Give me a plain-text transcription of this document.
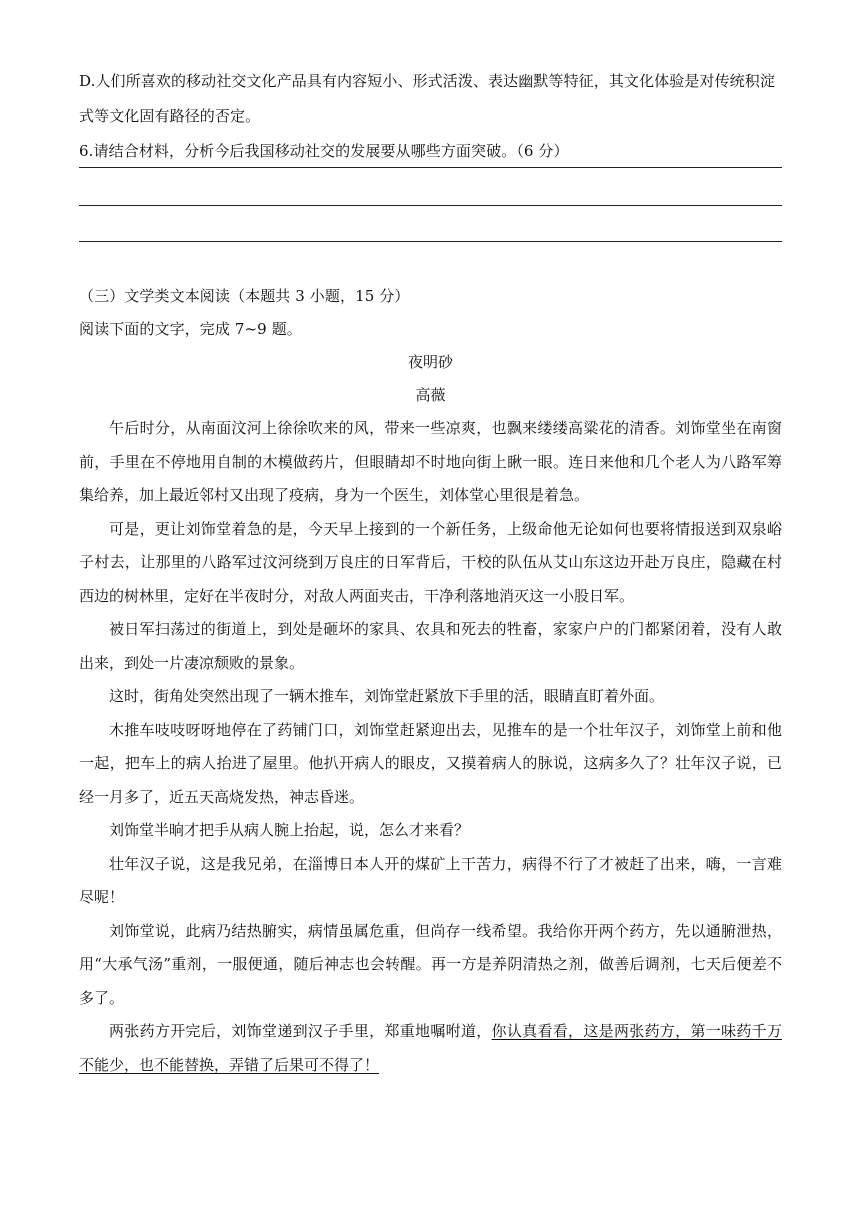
D.人们所喜欢的移动社交文化产品具有内容短小、形式活泼、表达幽默等特征，其文化体验是对传统积淀
式等文化固有路径的否定。
6.请结合材料，分析今后我国移动社交的发展要从哪些方面突破。（6 分）
（三）文学类文本阅读（本题共 3 小题，15 分）
阅读下面的文字，完成 7~9 题。
夜明砂
高薇

午后时分，从南面汶河上徐徐吹来的风，带来一些凉爽，也飘来缕缕高粱花的清香。刘饰堂坐在南窗前，手里在不停地用自制的木模做药片，但眼睛却不时地向街上瞅一眼。连日来他和几个老人为八路军筹集给养，加上最近邻村又出现了疫病，身为一个医生，刘体堂心里很是着急。

可是，更让刘饰堂着急的是，今天早上接到的一个新任务，上级命他无论如何也要将情报送到双泉峪子村去，让那里的八路军过汶河绕到万良庄的日军背后，干校的队伍从艾山东这边开赴万良庄，隐藏在村西边的树林里，定好在半夜时分，对敌人两面夹击，干净利落地消灭这一小股日军。

被日军扫荡过的街道上，到处是砸坏的家具、农具和死去的牲畜，家家户户的门都紧闭着，没有人敢出来，到处一片凄凉颓败的景象。

这时，街角处突然出现了一辆木推车，刘饰堂赶紧放下手里的活，眼睛直盯着外面。

木推车吱吱呀呀地停在了药铺门口，刘饰堂赶紧迎出去，见推车的是一个壮年汉子，刘饰堂上前和他一起，把车上的病人抬进了屋里。他扒开病人的眼皮，又摸着病人的脉说，这病多久了？壮年汉子说，已经一月多了，近五天高烧发热，神志昏迷。

刘饰堂半晌才把手从病人腕上抬起，说，怎么才来看？

壮年汉子说，这是我兄弟，在淄博日本人开的煤矿上干苦力，病得不行了才被赶了出来，嗨，一言难尽呢！

刘饰堂说，此病乃结热腑实，病情虽属危重，但尚存一线希望。我给你开两个药方，先以通腑泄热，用“大承气汤”重剂，一服便通，随后神志也会转醒。再一方是养阴清热之剂，做善后调剂，七天后便差不多了。

两张药方开完后，刘饰堂递到汉子手里，郑重地嘱咐道，你认真看看，这是两张药方，第一味药千万不能少，也不能替换，弄错了后果可不得了！
